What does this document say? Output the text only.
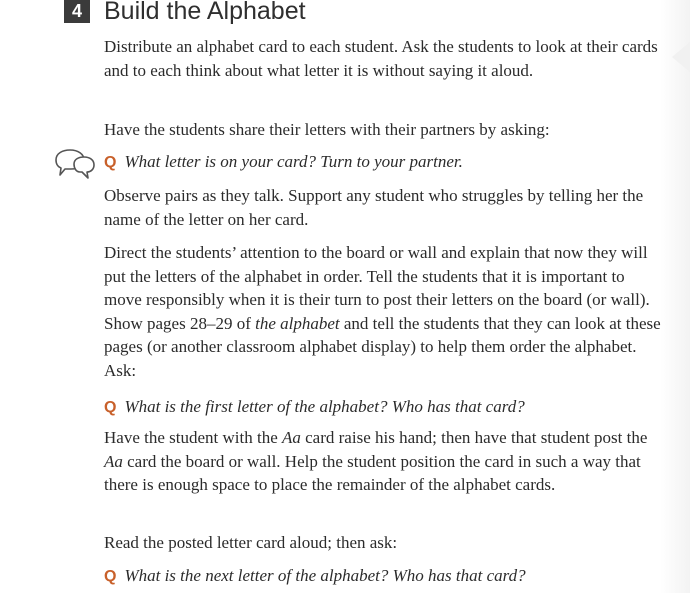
4 Build the Alphabet

Distribute an alphabet card to each student. Ask the students to look at their cards and to each think about what letter it is without saying it aloud.

Have the students share their letters with their partners by asking:

Q What letter is on your card? Turn to your partner.

Observe pairs as they talk. Support any student who struggles by telling her the name of the letter on her card.

Direct the students’ attention to the board or wall and explain that now they will put the letters of the alphabet in order. Tell the students that it is important to move responsibly when it is their turn to post their letters on the board (or wall). Show pages 28–29 of the alphabet and tell the students that they can look at these pages (or another classroom alphabet display) to help them order the alphabet. Ask:

Q What is the first letter of the alphabet? Who has that card?

Have the student with the Aa card raise his hand; then have that student post the Aa card the board or wall. Help the student position the card in such a way that there is enough space to place the remainder of the alphabet cards.

Read the posted letter card aloud; then ask:

Q What is the next letter of the alphabet? Who has that card?
